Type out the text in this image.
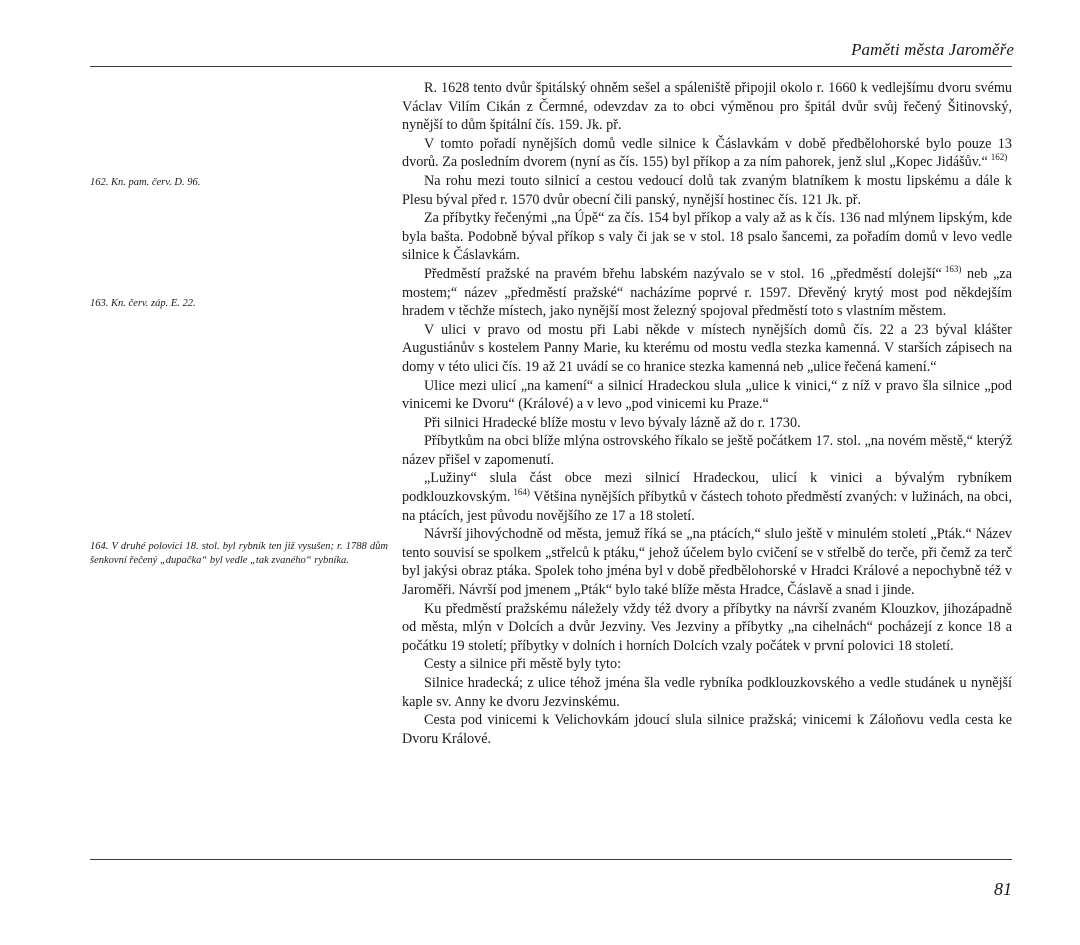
Paměti města Jaroměře
162. Kn. pam. červ. D. 96.
163. Kn. červ. záp. E. 22.
164. V druhé polovici 18. stol. byl rybník ten již vysušen; r. 1788 dům šenkovní řečený „dupačka“ byl vedle „tak zvaného“ rybníka.

R. 1628 tento dvůr špitálský ohněm sešel a spáleniště připojil okolo r. 1660 k vedlejšímu dvoru svému Václav Vilím Cikán z Čermné, odevzdav za to obci výměnou pro špitál dvůr svůj řečený Šitinovský, nynější to dům špitální čís. 159. Jk. př.

V tomto pořadí nynějších domů vedle silnice k Čáslavkám v době předbělohorské bylo pouze 13 dvorů. Za posledním dvorem (nyní as čís. 155) byl příkop a za ním pahorek, jenž slul „Kopec Jidášův.“ $^{162)}$

Na rohu mezi touto silnicí a cestou vedoucí dolů tak zvaným blatníkem k mostu lipskému a dále k Plesu býval před r. 1570 dvůr obecní čili panský, nynější hostinec čís. 121 Jk. př.

Za příbytky řečenými „na Úpě“ za čís. 154 byl příkop a valy až as k čís. 136 nad mlýnem lipským, kde byla bašta. Podobně býval příkop s valy či jak se v stol. 18 psalo šancemi, za pořadím domů v levo vedle silnice k Čáslavkám.

Předměstí pražské na pravém břehu labském nazývalo se v stol. 16 „předměstí dolejší“ $^{163)}$ neb „za mostem;“ název „předměstí pražské“ nacházíme poprvé r. 1597. Dřevěný krytý most pod někdejším hradem v těchže místech, jako nynější most železný spojoval předměstí toto s vlastním městem.

V ulici v pravo od mostu při Labi někde v místech nynějších domů čís. 22 a 23 býval klášter Augustiánův s kostelem Panny Marie, ku kterému od mostu vedla stezka kamenná. V starších zápisech na domy v této ulici čís. 19 až 21 uvádí se co hranice stezka kamenná neb „ulice řečená kamení.“

Ulice mezi ulicí „na kamení“ a silnicí Hradeckou slula „ulice k vinici,“ z níž v pravo šla silnice „pod vinicemi ke Dvoru“ (Králové) a v levo „pod vinicemi ku Praze.“

Při silnici Hradecké blíže mostu v levo bývaly lázně až do r. 1730.

Příbytkům na obci blíže mlýna ostrovského říkalo se ještě počátkem 17. stol. „na novém městě,“ kterýž název přišel v zapomenutí.

„Lužiny“ slula část obce mezi silnicí Hradeckou, ulicí k vinici a bývalým rybníkem podklouzkovským. $^{164)}$ Většina nynějších příbytků v částech tohoto předměstí zvaných: v lužinách, na obci, na ptácích, jest původu novějšího ze 17 a 18 století.

Návrší jihovýchodně od města, jemuž říká se „na ptácích,“ slulo ještě v minulém století „Pták.“ Název tento souvisí se spolkem „střelců k ptáku,“ jehož účelem bylo cvičení se v střelbě do terče, při čemž za terč byl jakýsi obraz ptáka. Spolek toho jména byl v době předbělohorské v Hradci Králové a nepochybně též v Jaroměři. Návrší pod jmenem „Pták“ bylo také blíže města Hradce, Čáslavě a snad i jinde.

Ku předměstí pražskému náležely vždy též dvory a příbytky na návrší zvaném Klouzkov, jihozápadně od města, mlýn v Dolcích a dvůr Jezviny. Ves Jezviny a příbytky „na cihelnách“ pocházejí z konce 18 a počátku 19 století; příbytky v dolních i horních Dolcích vzaly počátek v první polovici 18 století.

Cesty a silnice při městě byly tyto:

Silnice hradecká; z ulice téhož jména šla vedle rybníka podklouzkovského a vedle studánek u nynější kaple sv. Anny ke dvoru Jezvinskému.

Cesta pod vinicemi k Velichovkám jdoucí slula silnice pražská; vinicemi k Záloňovu vedla cesta ke Dvoru Králové.

81
